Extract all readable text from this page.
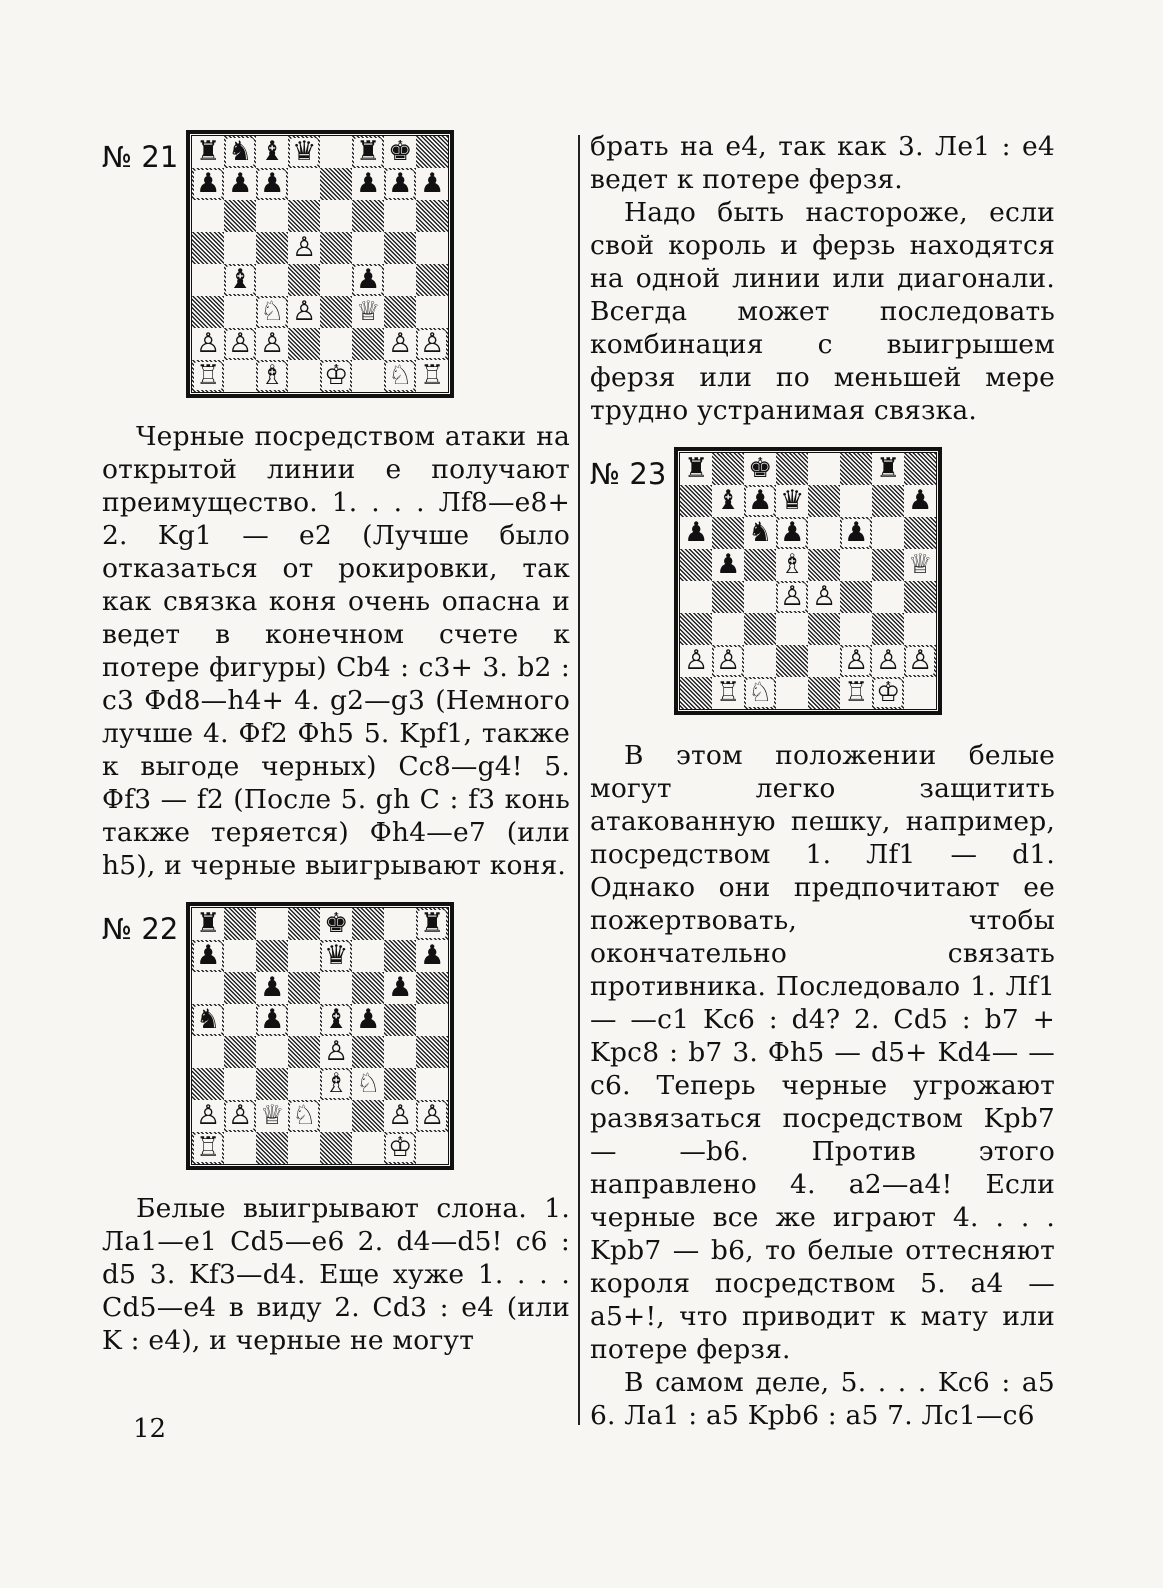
№ 21 ♜ ♞ ♝ ♛ ♜ ♚
♟ ♟ ♟	♟ ♟ ♟
♙
♝	♟
♘ ♙ ♕
♙ ♙ ♙	♙ ♙
♖ ♗ ♔ ♘ ♖

Черные посредством атаки на открытой линии e получают преимущество. 1. . . . Лf8—e8+ 2. Kg1 — e2 (Лучше было отказаться от рокировки, так как связка коня очень опасна и ведет в конечном счете к потере фигуры) Cb4 : c3+ 3. b2 : c3 Фd8—h4+ 4. g2—g3 (Немного лучше 4. Фf2 Фh5 5. Kpf1, также к выгоде черных) Cc8—g4! 5. Фf3 — f2 (После 5. gh C : f3 конь также теряется) Фh4—e7 (или h5), и черные выигрывают коня.

№ 22 ♜	♚	♜
♟	♛	♟
♟	♟
♞ ♟ ♝ ♟
♙
♗ ♘
♙ ♙ ♕ ♘	♙ ♙
♖	♔

Белые выигрывают слона. 1. Лa1—e1 Cd5—e6 2. d4—d5! c6 : d5 3. Kf3—d4. Еще хуже 1. . . . Cd5—e4 в виду 2. Cd3 : e4 (или K : e4), и черные не могут

брать на e4, так как 3. Лe1 : e4 ведет к потере ферзя.

Надо быть настороже, если свой король и ферзь находятся на одной линии или диагонали. Всегда может последовать комбинация с выигрышем ферзя или по меньшей мере трудно устранимая связка.

№ 23 ♜ ♚	♜
♝ ♟ ♛	♟
♟ ♞ ♟ ♟
♟ ♗	♕
♙ ♙
♙ ♙	♙ ♙ ♙
♖ ♘	♖ ♔

В этом положении белые могут легко защитить атакованную пешку, например, посредством 1. Лf1 — d1. Однако они предпочитают ее пожертвовать, чтобы окончательно связать противника. Последовало 1. Лf1— —c1 Kc6 : d4? 2. Cd5 : b7 + Kpc8 : b7 3. Фh5 — d5+ Kd4— —c6. Теперь черные угрожают развязаться посредством Kpb7— —b6. Против этого направлено 4. a2—a4! Если черные все же играют 4. . . . Kpb7 — b6, то белые оттесняют короля посредством 5. a4 — a5+!, что приводит к мату или потере ферзя.

В самом деле, 5. . . . Kc6 : a5 6. Лa1 : a5 Kpb6 : a5 7. Лc1—c6

12
